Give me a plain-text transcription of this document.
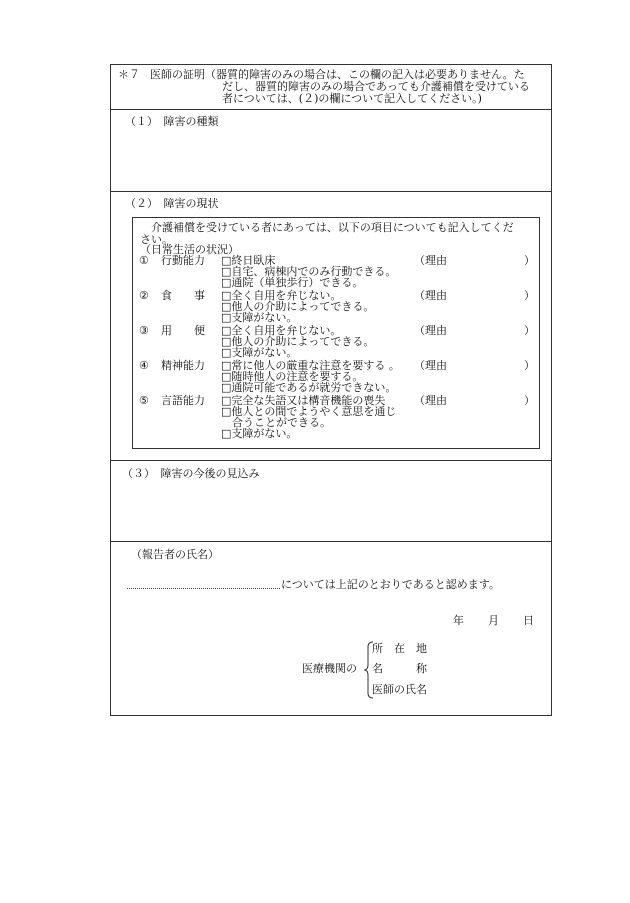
＊７ 医師の証明 （器質的障害のみの場合は、この欄の記入は必要ありません。た
だし、器質的障害のみの場合であっても介護補償を受けている
者については、(２)の欄について記入してください。)
（１）　障害の種類
（２）　障害の現状
　介護補償を受けている者にあっては、以下の項目についても記入してくだ
さい。
（日常生活の状況）
① 行動能力 □終日臥床
□自宅、病棟内でのみ行動できる。
□通院（単独歩行）できる。
（理由	）
② 食　　事 □全く自用を弁じない。
□他人の介助によってできる。
□支障がない。
（理由	）
③ 用　　便 □全く自用を弁じない。
□他人の介助によってできる。
□支障がない。
（理由	）
④ 精神能力 □常に他人の厳重な注意を要する 。
□随時他人の注意を要する。
□通院可能であるが就労できない。
（理由	）
⑤ 言語能力 □完全な失語又は構音機能の喪失
□他人との間でようやく意思を通じ
　合うことができる。
□支障がない。
（理由	）
（３）　障害の今後の見込み
（報告者の氏名）
については上記のとおりであると認めます。
年 月 日
医療機関の
所　在　地
名　　　称
医師の氏名
